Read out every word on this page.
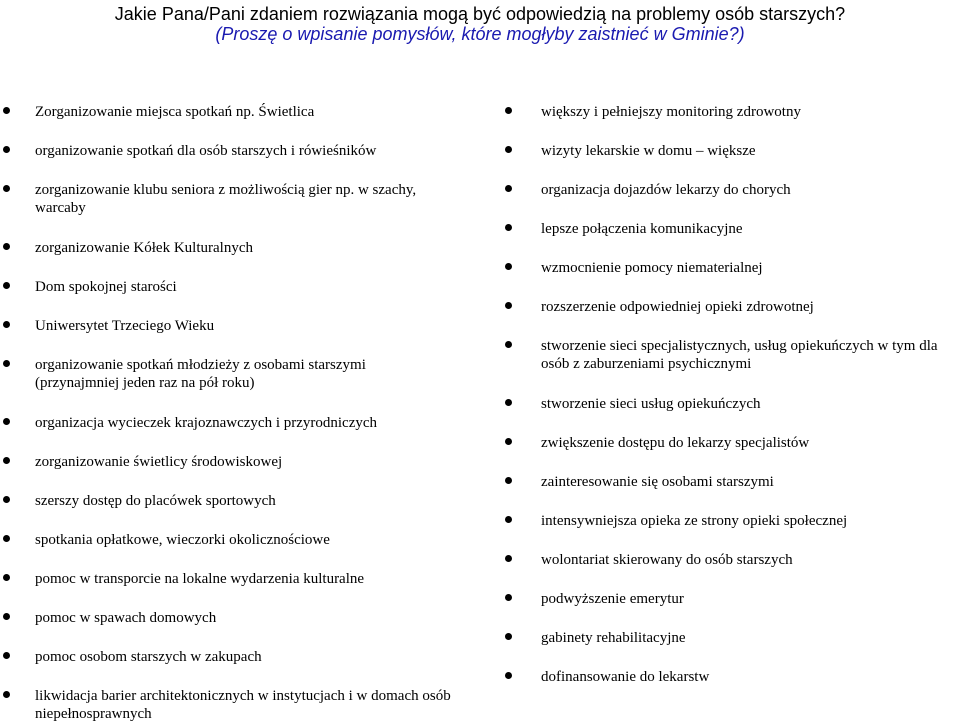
Jakie Pana/Pani zdaniem rozwiązania mogą być odpowiedzią na problemy osób starszych?
(Proszę o wpisanie pomysłów, które mogłyby zaistnieć w Gminie?)
Zorganizowanie miejsca spotkań np. Świetlica
organizowanie spotkań dla osób starszych i rówieśników
zorganizowanie klubu seniora z możliwością gier np. w szachy, warcaby
zorganizowanie Kółek Kulturalnych
Dom spokojnej starości
Uniwersytet Trzeciego Wieku
organizowanie spotkań młodzieży z osobami starszymi (przynajmniej jeden raz na pół roku)
organizacja wycieczek krajoznawczych i przyrodniczych
zorganizowanie świetlicy środowiskowej
szerszy dostęp do placówek sportowych
spotkania opłatkowe, wieczorki okolicznościowe
pomoc w transporcie na lokalne wydarzenia kulturalne
pomoc w spawach domowych
pomoc osobom starszych w zakupach
likwidacja barier architektonicznych w instytucjach i w domach osób niepełnosprawnych
większy i pełniejszy monitoring zdrowotny
wizyty lekarskie w domu – większe
organizacja dojazdów lekarzy do chorych
lepsze połączenia komunikacyjne
wzmocnienie pomocy niematerialnej
rozszerzenie odpowiedniej opieki zdrowotnej
stworzenie sieci specjalistycznych, usług opiekuńczych w tym dla osób z zaburzeniami psychicznymi
stworzenie sieci usług opiekuńczych
zwiększenie dostępu do lekarzy specjalistów
zainteresowanie się osobami starszymi
intensywniejsza opieka ze strony opieki społecznej
wolontariat skierowany do osób starszych
podwyższenie emerytur
gabinety rehabilitacyjne
dofinansowanie do lekarstw
